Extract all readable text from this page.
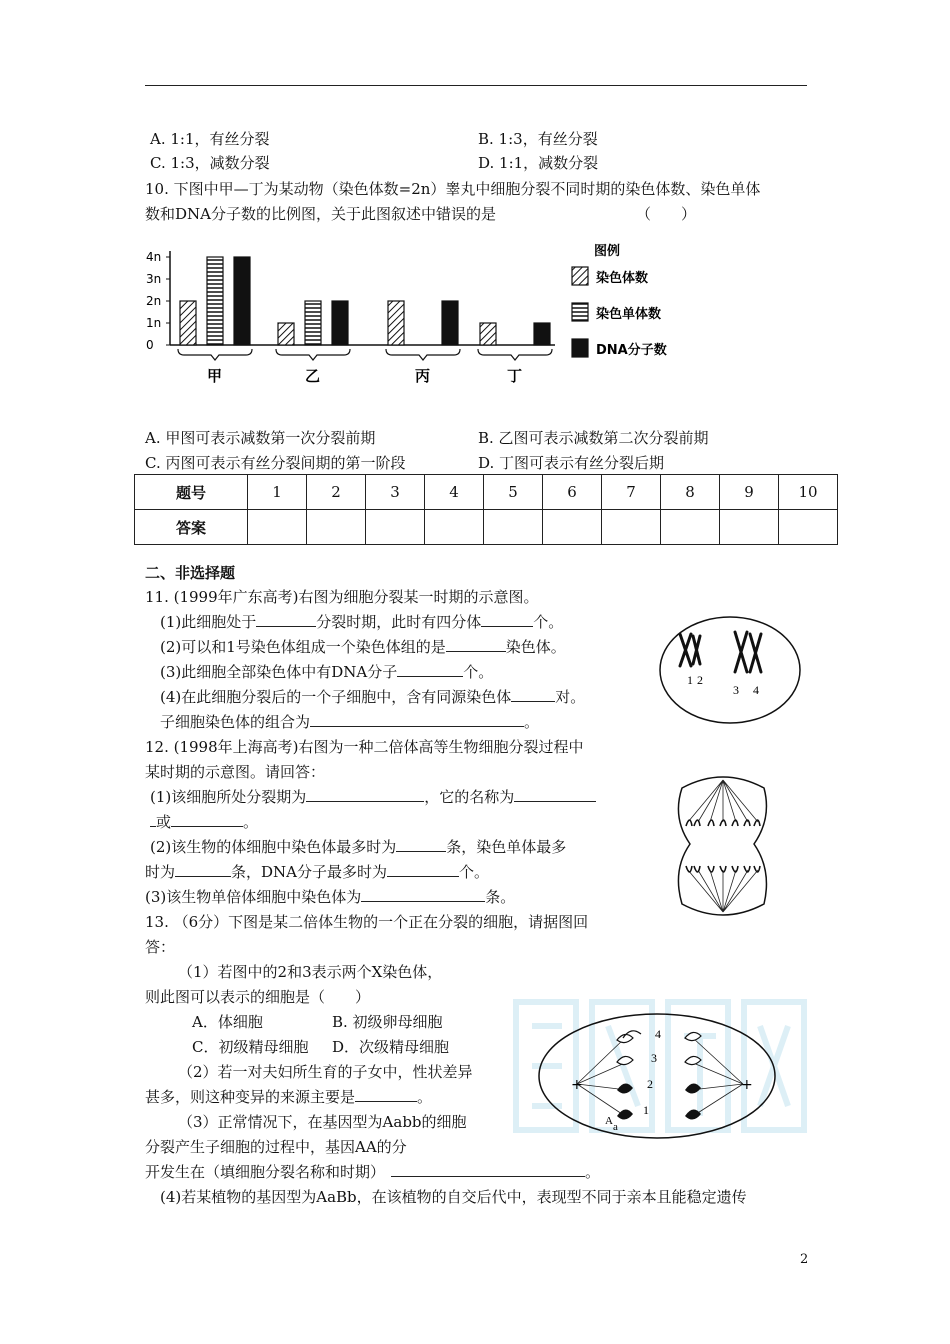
A. 1:1，有丝分裂	B. 1:3，有丝分裂
C. 1:3，减数分裂	D. 1:1，减数分裂
10. 下图中甲—丁为某动物（染色体数=2n）睾丸中细胞分裂不同时期的染色体数、染色单体
数和DNA分子数的比例图，关于此图叙述中错误的是	（　　）
0
1n
2n
3n
4n
甲	乙	丙	丁
图例
染色体数
染色单体数
DNA分子数
A. 甲图可表示减数第一次分裂前期	B. 乙图可表示减数第二次分裂前期
C. 丙图可表示有丝分裂间期的第一阶段	D. 丁图可表示有丝分裂后期
题号	1	2	3	4	5	6	7	8	9	10
答案										
二、非选择题
11. (1999年广东高考)右图为细胞分裂某一时期的示意图。
(1)此细胞处于	分裂时期，此时有四分体	个。
(2)可以和1号染色体组成一个染色体组的是	染色体。
(3)此细胞全部染色体中有DNA分子	个。
(4)在此细胞分裂后的一个子细胞中，含有同源染色体	对。
子细胞染色体的组合为	。
1 2
3 4
12. (1998年上海高考)右图为一种二倍体高等生物细胞分裂过程中
某时期的示意图。请回答：
(1)该细胞所处分裂期为	，它的名称为
或	。
(2)该生物的体细胞中染色体最多时为	条，染色单体最多
时为	条，DNA分子最多时为	个。
(3)该生物单倍体细胞中染色体为	条。
13. （6分）下图是某二倍体生物的一个正在分裂的细胞，请据图回
答：
（1）若图中的2和3表示两个X染色体，
则此图可以表示的细胞是（　　）
A．体细胞	B. 初级卵母细胞
C．初级精母细胞 D．次级精母细胞
（2）若一对夫妇所生育的子女中，性状差异
甚多，则这种变异的来源主要是	。
（3）正常情况下，在基因型为Aabb的细胞
分裂产生子细胞的过程中，基因AA的分
开发生在（填细胞分裂名称和时期）	。
(4)若某植物的基因型为AaBb，在该植物的自交后代中，表现型不同于亲本且能稳定遗传
+	+
1
2
3
4
A a
2
